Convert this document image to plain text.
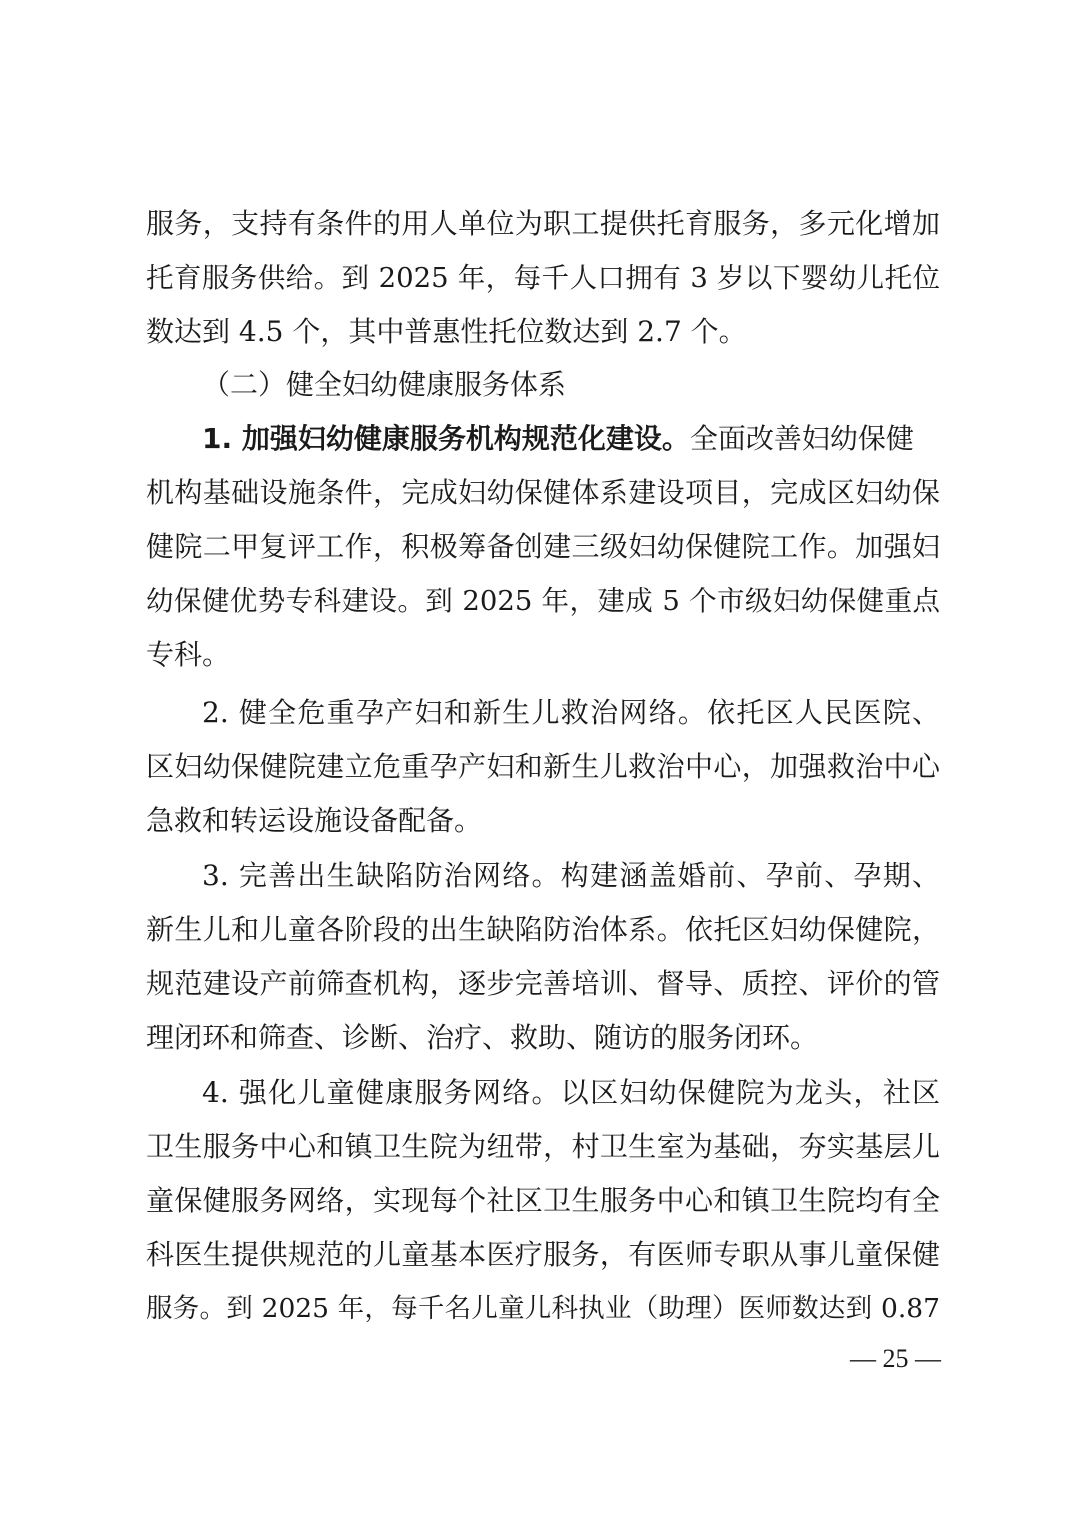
服务，支持有条件的用人单位为职工提供托育服务，多元化增加
托育服务供给。到 2025 年，每千人口拥有 3 岁以下婴幼儿托位
数达到 4.5 个，其中普惠性托位数达到 2.7 个。
（二）健全妇幼健康服务体系
1. 加强妇幼健康服务机构规范化建设。全面改善妇幼保健
机构基础设施条件，完成妇幼保健体系建设项目，完成区妇幼保
健院二甲复评工作，积极筹备创建三级妇幼保健院工作。加强妇
幼保健优势专科建设。到 2025 年，建成 5 个市级妇幼保健重点
专科。
2. 健全危重孕产妇和新生儿救治网络。依托区人民医院、
区妇幼保健院建立危重孕产妇和新生儿救治中心，加强救治中心
急救和转运设施设备配备。
3. 完善出生缺陷防治网络。构建涵盖婚前、孕前、孕期、
新生儿和儿童各阶段的出生缺陷防治体系。依托区妇幼保健院，
规范建设产前筛查机构，逐步完善培训、督导、质控、评价的管
理闭环和筛查、诊断、治疗、救助、随访的服务闭环。
4. 强化儿童健康服务网络。以区妇幼保健院为龙头，社区
卫生服务中心和镇卫生院为纽带，村卫生室为基础，夯实基层儿
童保健服务网络，实现每个社区卫生服务中心和镇卫生院均有全
科医生提供规范的儿童基本医疗服务，有医师专职从事儿童保健
服务。到 2025 年，每千名儿童儿科执业（助理）医师数达到 0.87
— 25 —
